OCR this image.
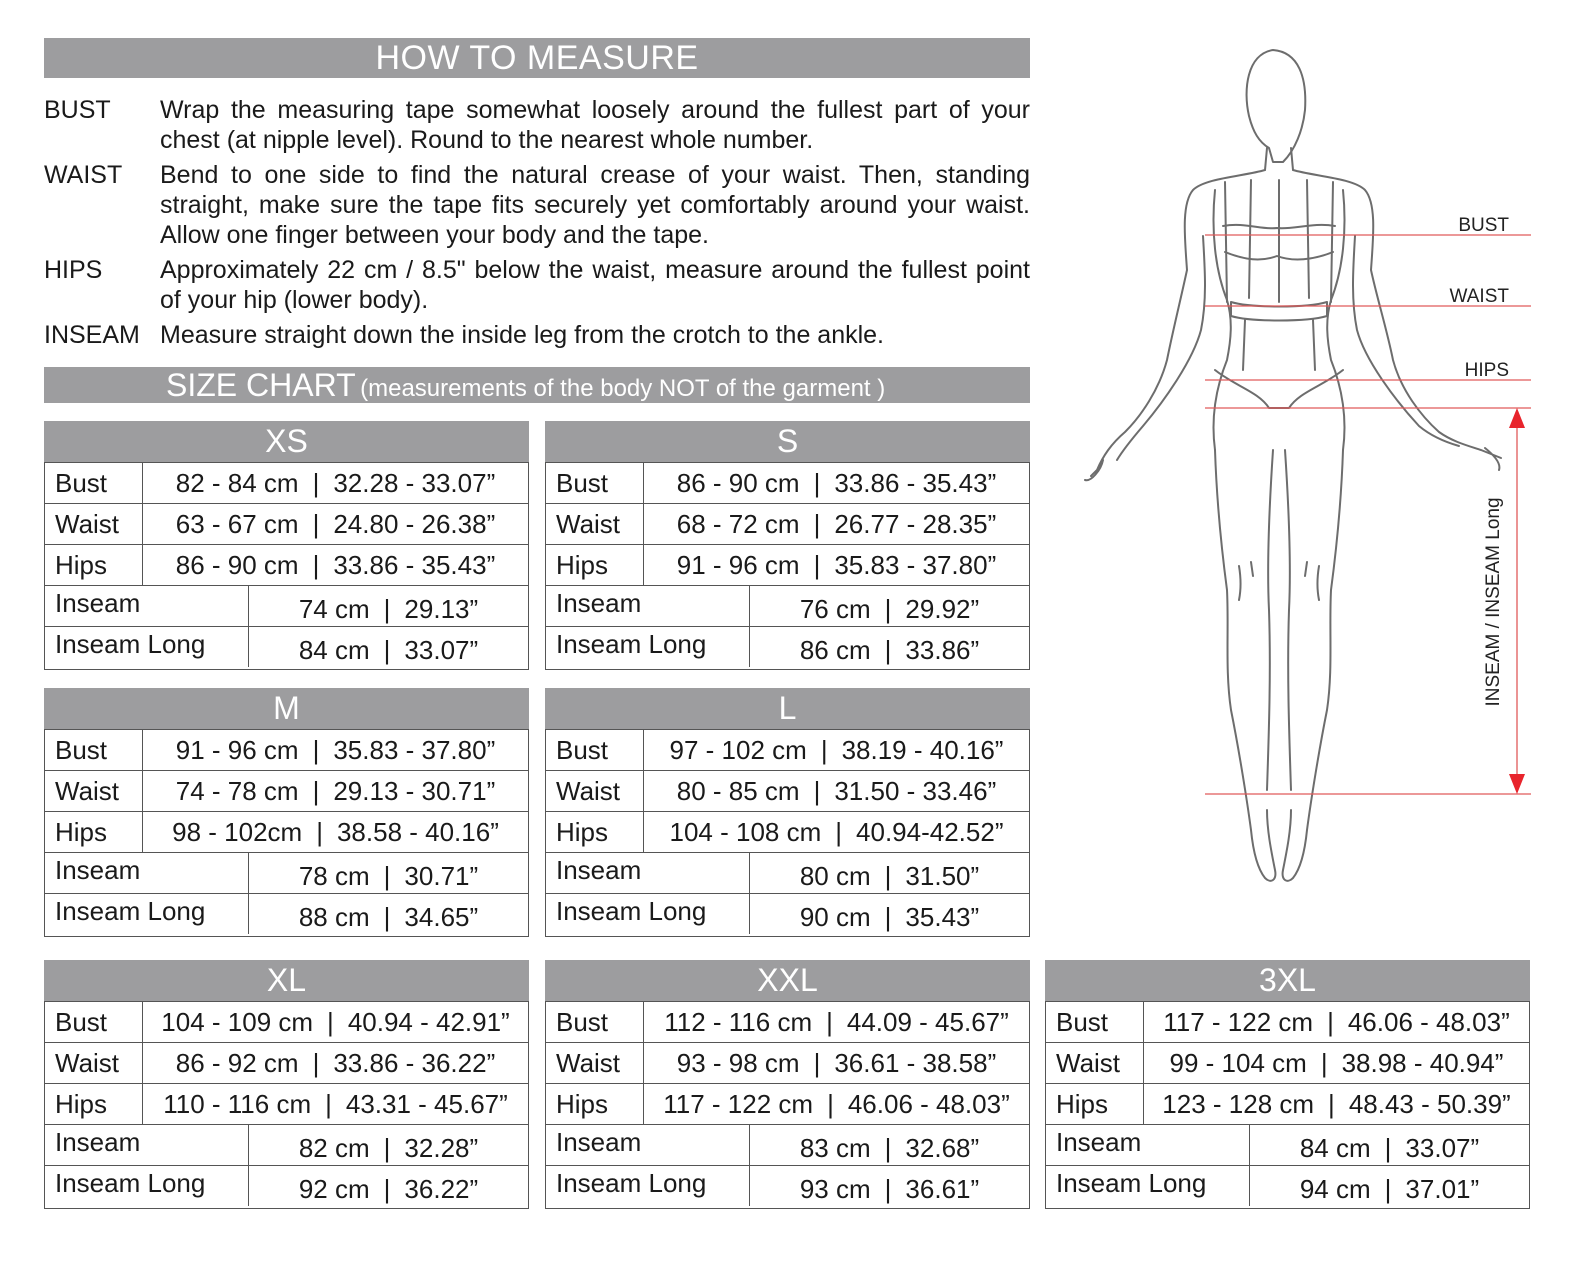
HOW TO MEASURE
BUST Wrap the measuring tape somewhat loosely around the fullest part of your chest (at nipple level). Round to the nearest whole number.
WAIST Bend to one side to find the natural crease of your waist. Then, standing straight, make sure the tape fits securely yet comfortably around your waist. Allow one finger between your body and the tape.
HIPS Approximately 22 cm / 8.5" below the waist, measure around the fullest point of your hip (lower body).
INSEAM Measure straight down the inside leg from the crotch to the ankle.
SIZE CHART (measurements of the body NOT of the garment )
XS
Bust	82 - 84 cm | 32.28 - 33.07”
Waist	63 - 67 cm | 24.80 - 26.38”
Hips	86 - 90 cm | 33.86 - 35.43”
Inseam	74 cm | 29.13”
Inseam Long	84 cm | 33.07”
S
Bust	86 - 90 cm | 33.86 - 35.43”
Waist	68 - 72 cm | 26.77 - 28.35”
Hips	91 - 96 cm | 35.83 - 37.80”
Inseam	76 cm | 29.92”
Inseam Long	86 cm | 33.86”
M
Bust	91 - 96 cm | 35.83 - 37.80”
Waist	74 - 78 cm | 29.13 - 30.71”
Hips	98 - 102cm | 38.58 - 40.16”
Inseam	78 cm | 30.71”
Inseam Long	88 cm | 34.65”
L
Bust	97 - 102 cm | 38.19 - 40.16”
Waist	80 - 85 cm | 31.50 - 33.46”
Hips	104 - 108 cm | 40.94-42.52”
Inseam	80 cm | 31.50”
Inseam Long	90 cm | 35.43”
XL
Bust	104 - 109 cm | 40.94 - 42.91”
Waist	86 - 92 cm | 33.86 - 36.22”
Hips	110 - 116 cm | 43.31 - 45.67”
Inseam	82 cm | 32.28”
Inseam Long	92 cm | 36.22”
XXL
Bust	112 - 116 cm | 44.09 - 45.67”
Waist	93 - 98 cm | 36.61 - 38.58”
Hips	117 - 122 cm | 46.06 - 48.03”
Inseam	83 cm | 32.68”
Inseam Long	93 cm | 36.61”
3XL
Bust	117 - 122 cm | 46.06 - 48.03”
Waist	99 - 104 cm | 38.98 - 40.94”
Hips	123 - 128 cm | 48.43 - 50.39”
Inseam	84 cm | 33.07”
Inseam Long	94 cm | 37.01”
BUST
WAIST
HIPS
INSEAM / INSEAM Long
